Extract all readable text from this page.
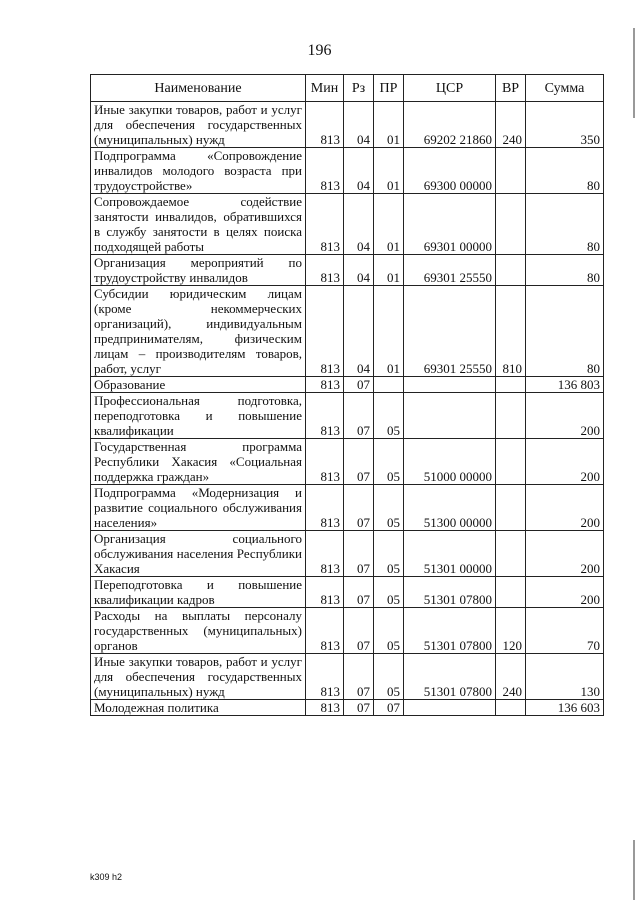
196
Наименование	Мин	Рз	ПР	ЦСР	ВР	Сумма
Иные закупки товаров, работ и услуг для обеспечения государственных (муниципальных) нужд	813	04	01	69202 21860	240	350
Подпрограмма «Сопровождение инвалидов молодого возраста при трудоустройстве»	813	04	01	69300 00000		80
Сопровождаемое содействие занятости инвалидов, обратившихся в службу занятости в целях поиска подходящей работы	813	04	01	69301 00000		80
Организация мероприятий по трудоустройству инвалидов	813	04	01	69301 25550		80
Субсидии юридическим лицам (кроме некоммерческих организаций), индивидуальным предпринимателям, физическим лицам – производителям товаров, работ, услуг	813	04	01	69301 25550	810	80
Образование	813	07				136 803
Профессиональная подготовка, переподготовка и повышение квалификации	813	07	05			200
Государственная программа Республики Хакасия «Социальная поддержка граждан»	813	07	05	51000 00000		200
Подпрограмма «Модернизация и развитие социального обслуживания населения»	813	07	05	51300 00000		200
Организация социального обслуживания населения Республики Хакасия	813	07	05	51301 00000		200
Переподготовка и повышение квалификации кадров	813	07	05	51301 07800		200
Расходы на выплаты персоналу государственных (муниципальных) органов	813	07	05	51301 07800	120	70
Иные закупки товаров, работ и услуг для обеспечения государственных (муниципальных) нужд	813	07	05	51301 07800	240	130
Молодежная политика	813	07	07			136 603
k309 h2
